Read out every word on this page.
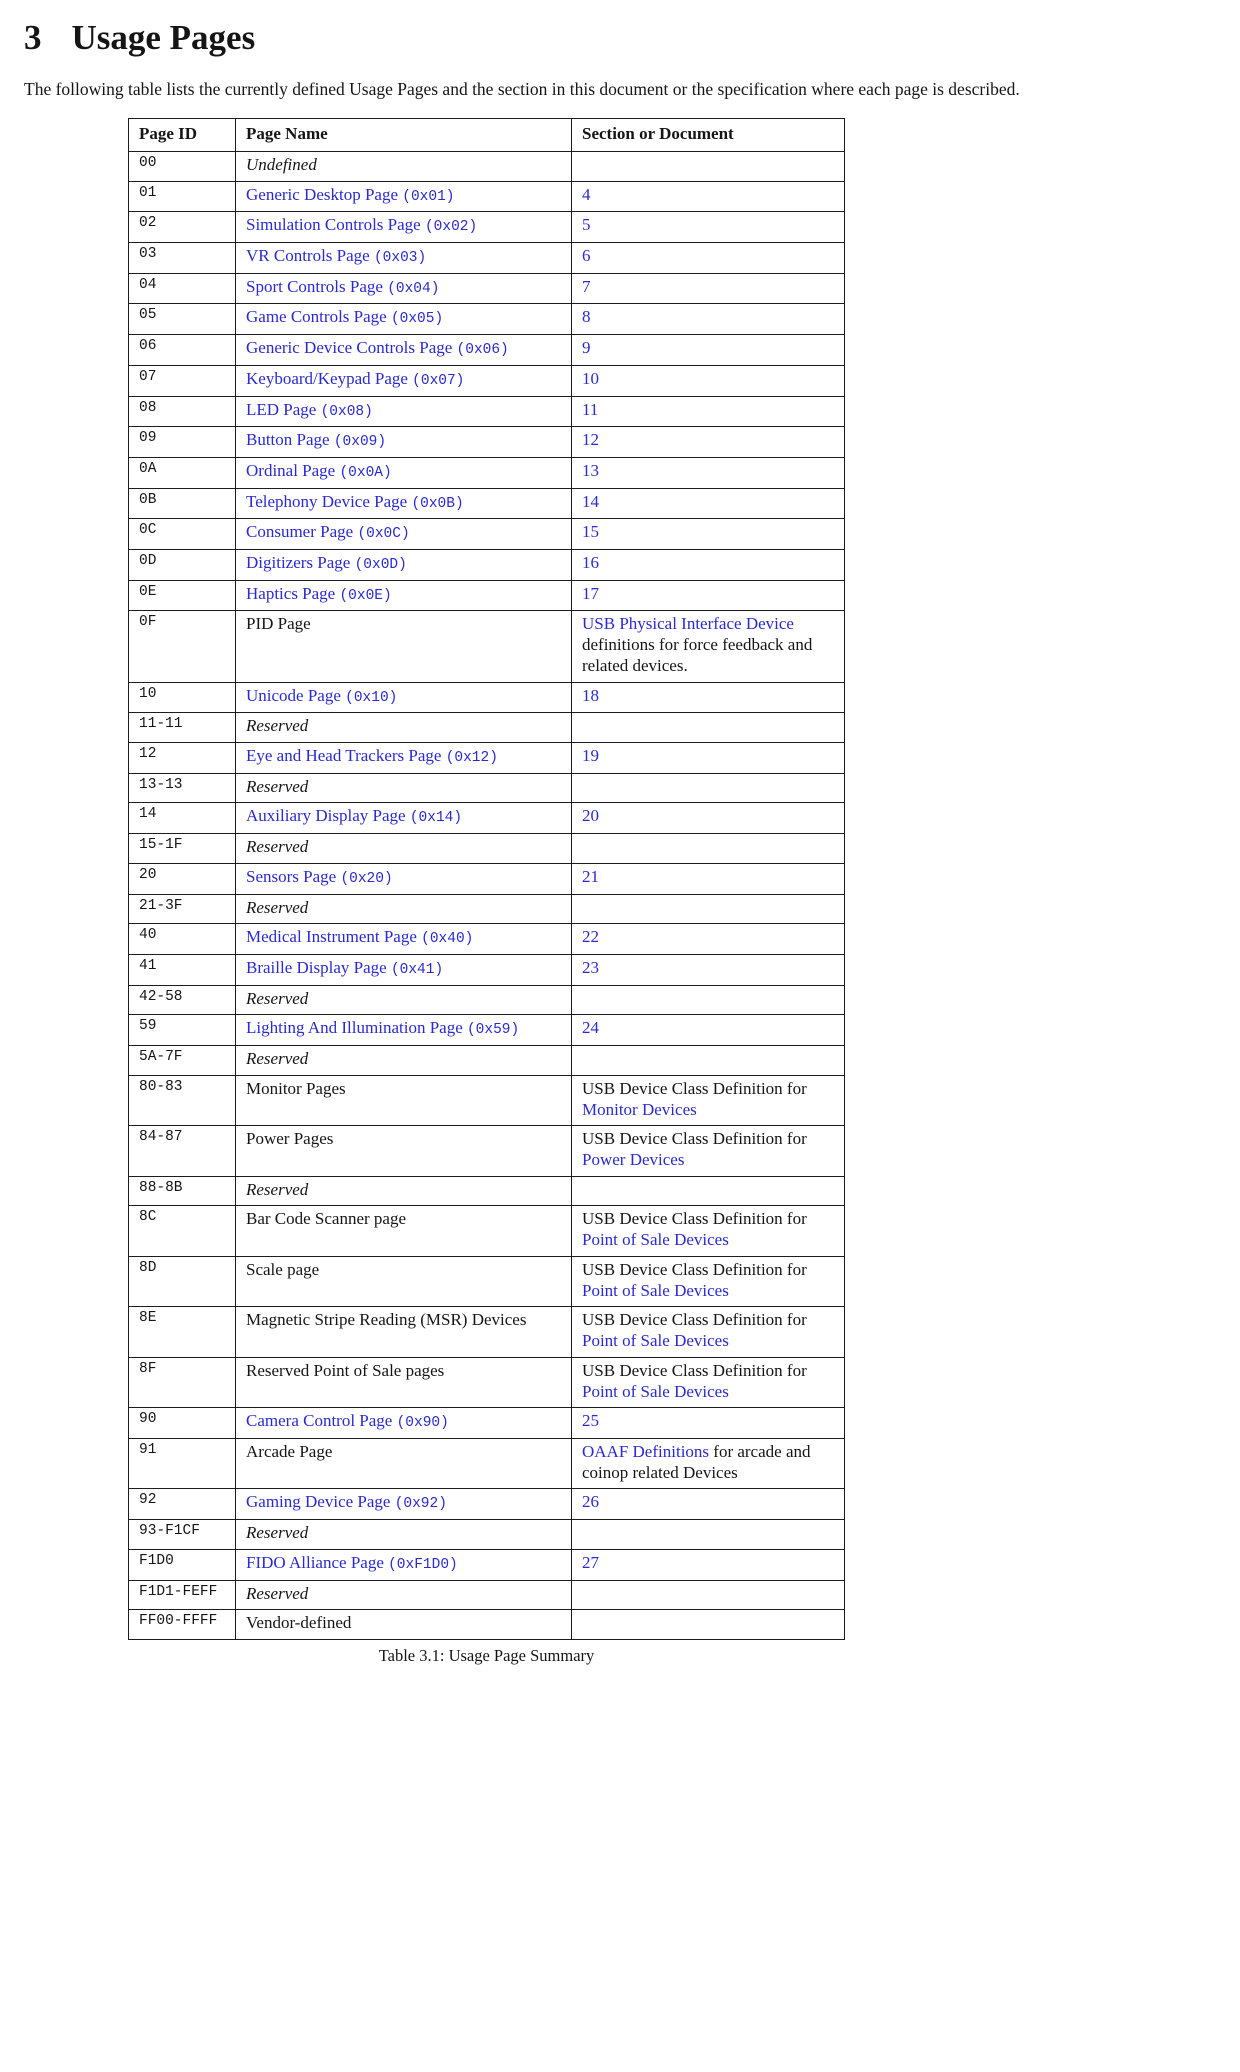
3 Usage Pages

The following table lists the currently defined Usage Pages and the section in this document or the specification where each page is described.

Page ID	Page Name	Section or Document
00	Undefined	
01	Generic Desktop Page (0x01)	4
02	Simulation Controls Page (0x02)	5
03	VR Controls Page (0x03)	6
04	Sport Controls Page (0x04)	7
05	Game Controls Page (0x05)	8
06	Generic Device Controls Page (0x06)	9
07	Keyboard/Keypad Page (0x07)	10
08	LED Page (0x08)	11
09	Button Page (0x09)	12
0A	Ordinal Page (0x0A)	13
0B	Telephony Device Page (0x0B)	14
0C	Consumer Page (0x0C)	15
0D	Digitizers Page (0x0D)	16
0E	Haptics Page (0x0E)	17
0F	PID Page	USB Physical Interface Device definitions for force feedback and related devices.
10	Unicode Page (0x10)	18
11-11	Reserved	
12	Eye and Head Trackers Page (0x12)	19
13-13	Reserved	
14	Auxiliary Display Page (0x14)	20
15-1F	Reserved	
20	Sensors Page (0x20)	21
21-3F	Reserved	
40	Medical Instrument Page (0x40)	22
41	Braille Display Page (0x41)	23
42-58	Reserved	
59	Lighting And Illumination Page (0x59)	24
5A-7F	Reserved	
80-83	Monitor Pages	USB Device Class Definition for Monitor Devices
84-87	Power Pages	USB Device Class Definition for Power Devices
88-8B	Reserved	
8C	Bar Code Scanner page	USB Device Class Definition for Point of Sale Devices
8D	Scale page	USB Device Class Definition for Point of Sale Devices
8E	Magnetic Stripe Reading (MSR) Devices	USB Device Class Definition for Point of Sale Devices
8F	Reserved Point of Sale pages	USB Device Class Definition for Point of Sale Devices
90	Camera Control Page (0x90)	25
91	Arcade Page	OAAF Definitions for arcade and coinop related Devices
92	Gaming Device Page (0x92)	26
93-F1CF	Reserved	
F1D0	FIDO Alliance Page (0xF1D0)	27
F1D1-FEFF	Reserved	
FF00-FFFF	Vendor-defined	
Table 3.1: Usage Page Summary
